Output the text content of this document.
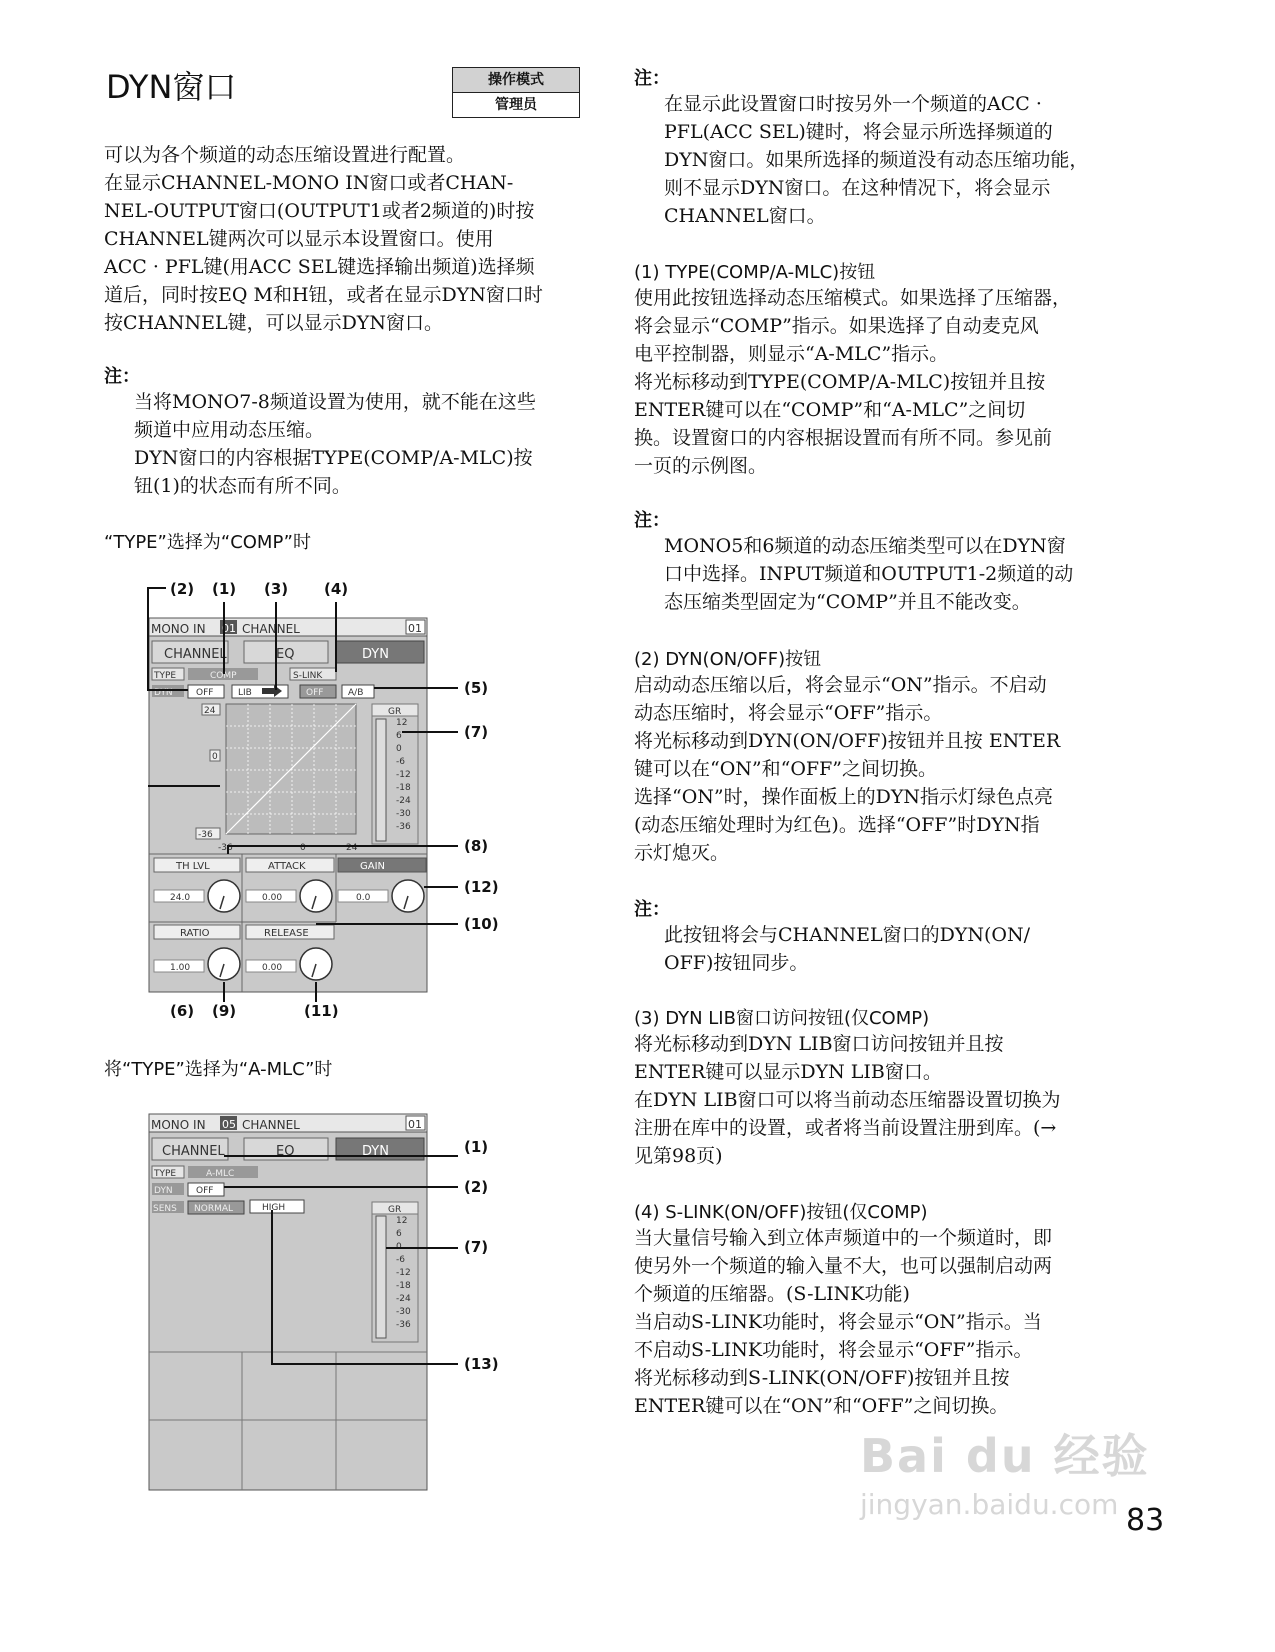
DYN窗口	操作模式
管理员

可以为各个频道的动态压缩设置进行配置。

在显示CHANNEL-MONO IN窗口或者CHAN-

NEL-OUTPUT窗口(OUTPUT1或者2频道的)时按

CHANNEL键两次可以显示本设置窗口。使用

ACC · PFL键(用ACC SEL键选择输出频道)选择频

道后，同时按EQ M和H钮，或者在显示DYN窗口时

按CHANNEL键，可以显示DYN窗口。

注：

当将MONO7-8频道设置为使用，就不能在这些

频道中应用动态压缩。

DYN窗口的内容根据TYPE(COMP/A-MLC)按

钮(1)的状态而有所不同。

“TYPE”选择为“COMP”时
MONO IN 01 CHANNEL	01
CHANNEL	EQ	DYN
TYPE	COMP	S-LINK
DYN	OFF	LIB	OFF	A/B
24
0
-36
-36	0	24
GR
12
6
0
-6
-12
-18
-24
-30
-36
TH LVL
24.0
ATTACK
0.00
GAIN
0.0
RATIO
1.00
RELEASE
0.00
(2) (1) (3) (4)
(5)
(7)
(8)
(12)
(10)
(6) (9)	(11)
将“TYPE”选择为“A-MLC”时
MONO IN 05 CHANNEL	01
CHANNEL	EQ	DYN
TYPE	A-MLC
DYN	OFF
SENS NORMAL	HIGH	GR
12
6
0
-6
-12
-18
-24
-30
-36
(1)
(2)
(7)
(13)
注：

在显示此设置窗口时按另外一个频道的ACC ·

PFL(ACC SEL)键时，将会显示所选择频道的

DYN窗口。如果所选择的频道没有动态压缩功能，

则不显示DYN窗口。在这种情况下，将会显示

CHANNEL窗口。

(1) TYPE(COMP/A-MLC)按钮

使用此按钮选择动态压缩模式。如果选择了压缩器，

将会显示“COMP”指示。如果选择了自动麦克风

电平控制器，则显示“A-MLC”指示。

将光标移动到TYPE(COMP/A-MLC)按钮并且按

ENTER键可以在“COMP”和“A-MLC”之间切

换。设置窗口的内容根据设置而有所不同。参见前

一页的示例图。

注：

MONO5和6频道的动态压缩类型可以在DYN窗

口中选择。INPUT频道和OUTPUT1-2频道的动

态压缩类型固定为“COMP”并且不能改变。

(2) DYN(ON/OFF)按钮

启动动态压缩以后，将会显示“ON”指示。不启动

动态压缩时，将会显示“OFF”指示。

将光标移动到DYN(ON/OFF)按钮并且按 ENTER

键可以在“ON”和“OFF”之间切换。

选择“ON”时，操作面板上的DYN指示灯绿色点亮

(动态压缩处理时为红色)。选择“OFF”时DYN指

示灯熄灭。

注：

此按钮将会与CHANNEL窗口的DYN(ON/

OFF)按钮同步。

(3) DYN LIB窗口访问按钮(仅COMP)

将光标移动到DYN LIB窗口访问按钮并且按

ENTER键可以显示DYN LIB窗口。

在DYN LIB窗口可以将当前动态压缩器设置切换为

注册在库中的设置，或者将当前设置注册到库。(→

见第98页)

(4) S-LINK(ON/OFF)按钮(仅COMP)

当大量信号输入到立体声频道中的一个频道时，即

使另外一个频道的输入量不大，也可以强制启动两

个频道的压缩器。(S-LINK功能)

当启动S-LINK功能时，将会显示“ON”指示。当

不启动S-LINK功能时，将会显示“OFF”指示。

将光标移动到S-LINK(ON/OFF)按钮并且按

ENTER键可以在“ON”和“OFF”之间切换。

Bai du 经验
jingyan.baidu.com 83
